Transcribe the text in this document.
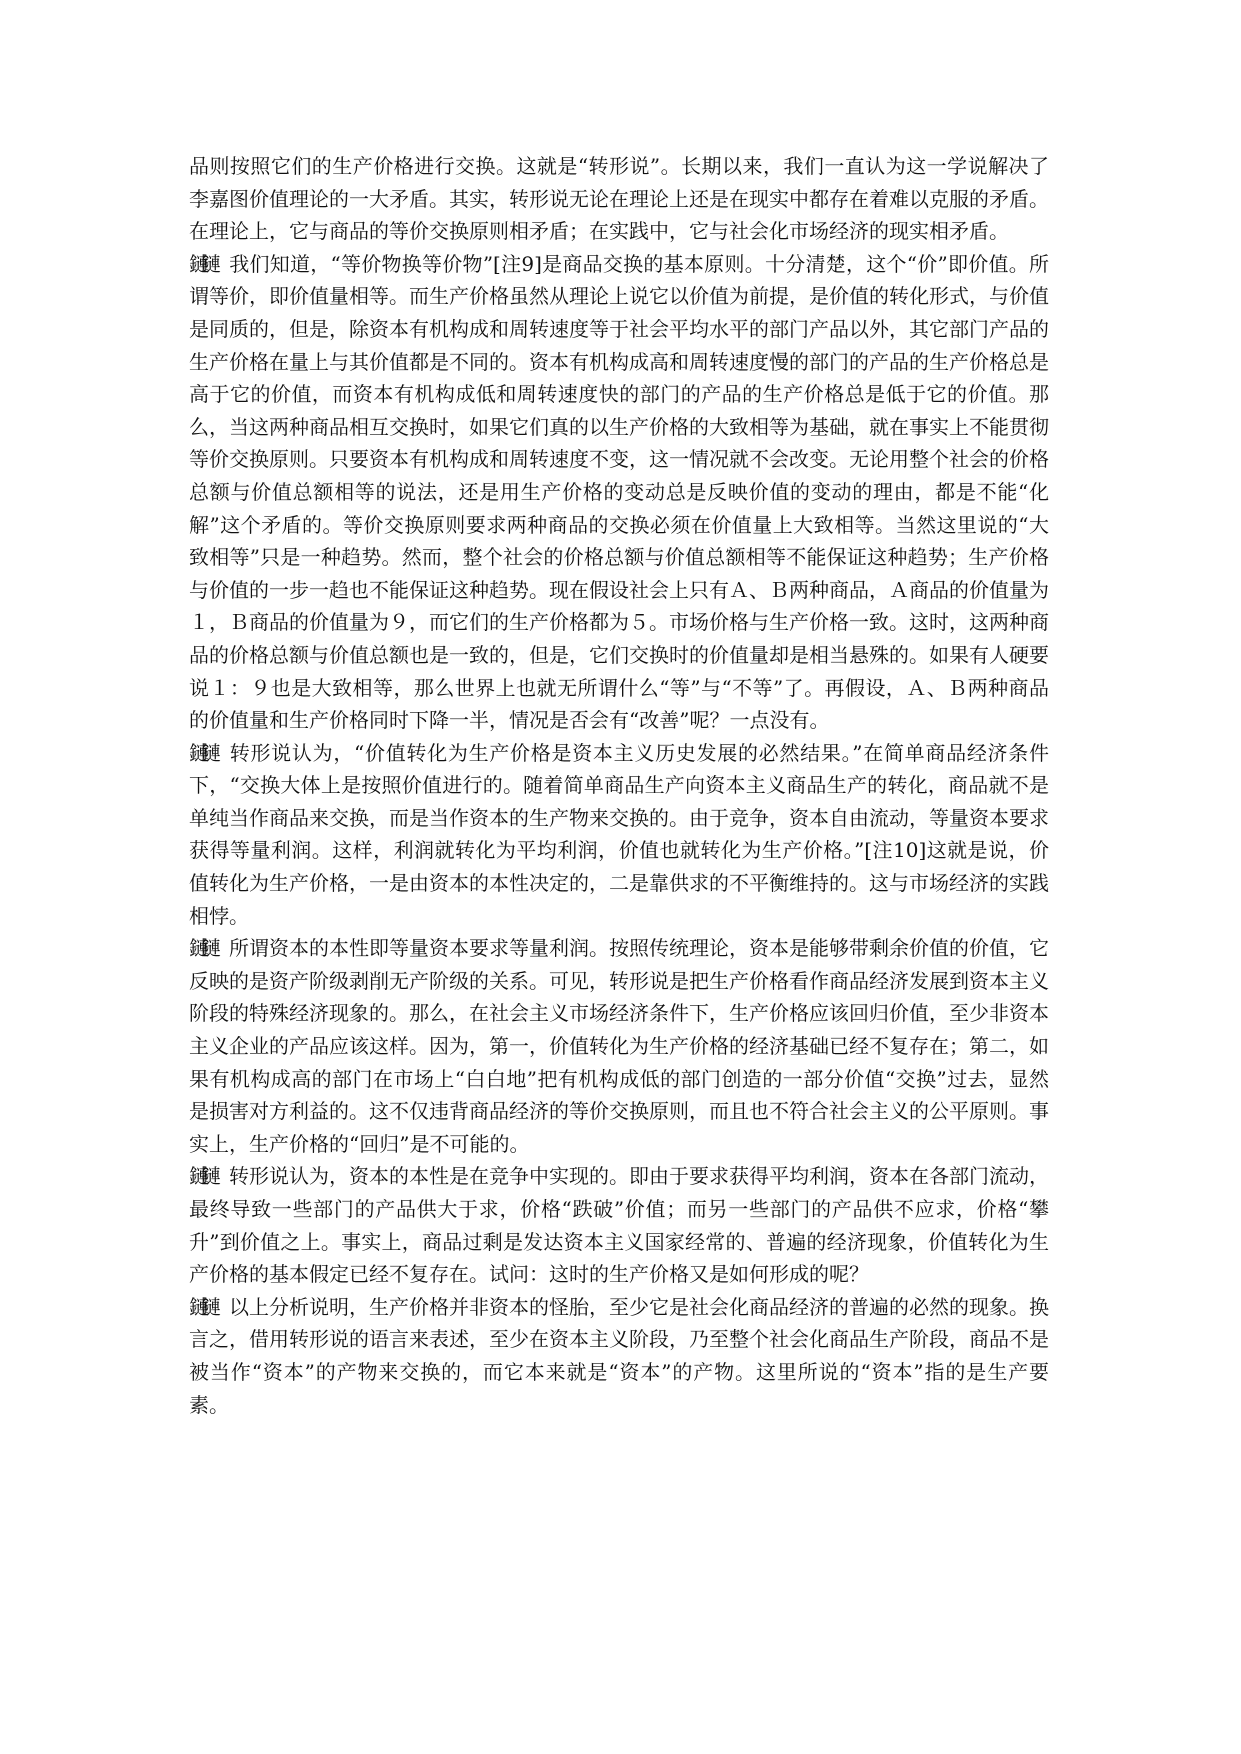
品则按照它们的生产价格进行交换。这就是“转形说”。长期以来，我们一直认为这一学说解决了李嘉图价值理论的一大矛盾。其实，转形说无论在理论上还是在现实中都存在着难以克服的矛盾。在理论上，它与商品的等价交换原则相矛盾；在实践中，它与社会化市场经济的现实相矛盾。

鏈鏈 我们知道，“等价物换等价物”[注9]是商品交换的基本原则。十分清楚，这个“价”即价值。所谓等价，即价值量相等。而生产价格虽然从理论上说它以价值为前提，是价值的转化形式，与价值是同质的，但是，除资本有机构成和周转速度等于社会平均水平的部门产品以外，其它部门产品的生产价格在量上与其价值都是不同的。资本有机构成高和周转速度慢的部门的产品的生产价格总是高于它的价值，而资本有机构成低和周转速度快的部门的产品的生产价格总是低于它的价值。那么，当这两种商品相互交换时，如果它们真的以生产价格的大致相等为基础，就在事实上不能贯彻等价交换原则。只要资本有机构成和周转速度不变，这一情况就不会改变。无论用整个社会的价格总额与价值总额相等的说法，还是用生产价格的变动总是反映价值的变动的理由，都是不能“化解”这个矛盾的。等价交换原则要求两种商品的交换必须在价值量上大致相等。当然这里说的“大致相等”只是一种趋势。然而，整个社会的价格总额与价值总额相等不能保证这种趋势；生产价格与价值的一步一趋也不能保证这种趋势。现在假设社会上只有Ａ、Ｂ两种商品，Ａ商品的价值量为１，Ｂ商品的价值量为９，而它们的生产价格都为５。市场价格与生产价格一致。这时，这两种商品的价格总额与价值总额也是一致的，但是，它们交换时的价值量却是相当悬殊的。如果有人硬要说１：９也是大致相等，那么世界上也就无所谓什么“等”与“不等”了。再假设，Ａ、Ｂ两种商品的价值量和生产价格同时下降一半，情况是否会有“改善”呢？一点没有。

鏈鏈 转形说认为，“价值转化为生产价格是资本主义历史发展的必然结果。”在简单商品经济条件下，“交换大体上是按照价值进行的。随着简单商品生产向资本主义商品生产的转化，商品就不是单纯当作商品来交换，而是当作资本的生产物来交换的。由于竞争，资本自由流动，等量资本要求获得等量利润。这样，利润就转化为平均利润，价值也就转化为生产价格。”[注10]这就是说，价值转化为生产价格，一是由资本的本性决定的，二是靠供求的不平衡维持的。这与市场经济的实践相悖。

鏈鏈 所谓资本的本性即等量资本要求等量利润。按照传统理论，资本是能够带剩余价值的价值，它反映的是资产阶级剥削无产阶级的关系。可见，转形说是把生产价格看作商品经济发展到资本主义阶段的特殊经济现象的。那么，在社会主义市场经济条件下，生产价格应该回归价值，至少非资本主义企业的产品应该这样。因为，第一，价值转化为生产价格的经济基础已经不复存在；第二，如果有机构成高的部门在市场上“白白地”把有机构成低的部门创造的一部分价值“交换”过去，显然是损害对方利益的。这不仅违背商品经济的等价交换原则，而且也不符合社会主义的公平原则。事实上，生产价格的“回归”是不可能的。

鏈鏈 转形说认为，资本的本性是在竞争中实现的。即由于要求获得平均利润，资本在各部门流动，最终导致一些部门的产品供大于求，价格“跌破”价值；而另一些部门的产品供不应求，价格“攀升”到价值之上。事实上，商品过剩是发达资本主义国家经常的、普遍的经济现象，价值转化为生产价格的基本假定已经不复存在。试问：这时的生产价格又是如何形成的呢？

鏈鏈 以上分析说明，生产价格并非资本的怪胎，至少它是社会化商品经济的普遍的必然的现象。换言之，借用转形说的语言来表述，至少在资本主义阶段，乃至整个社会化商品生产阶段，商品不是被当作“资本”的产物来交换的，而它本来就是“资本”的产物。这里所说的“资本”指的是生产要素。
